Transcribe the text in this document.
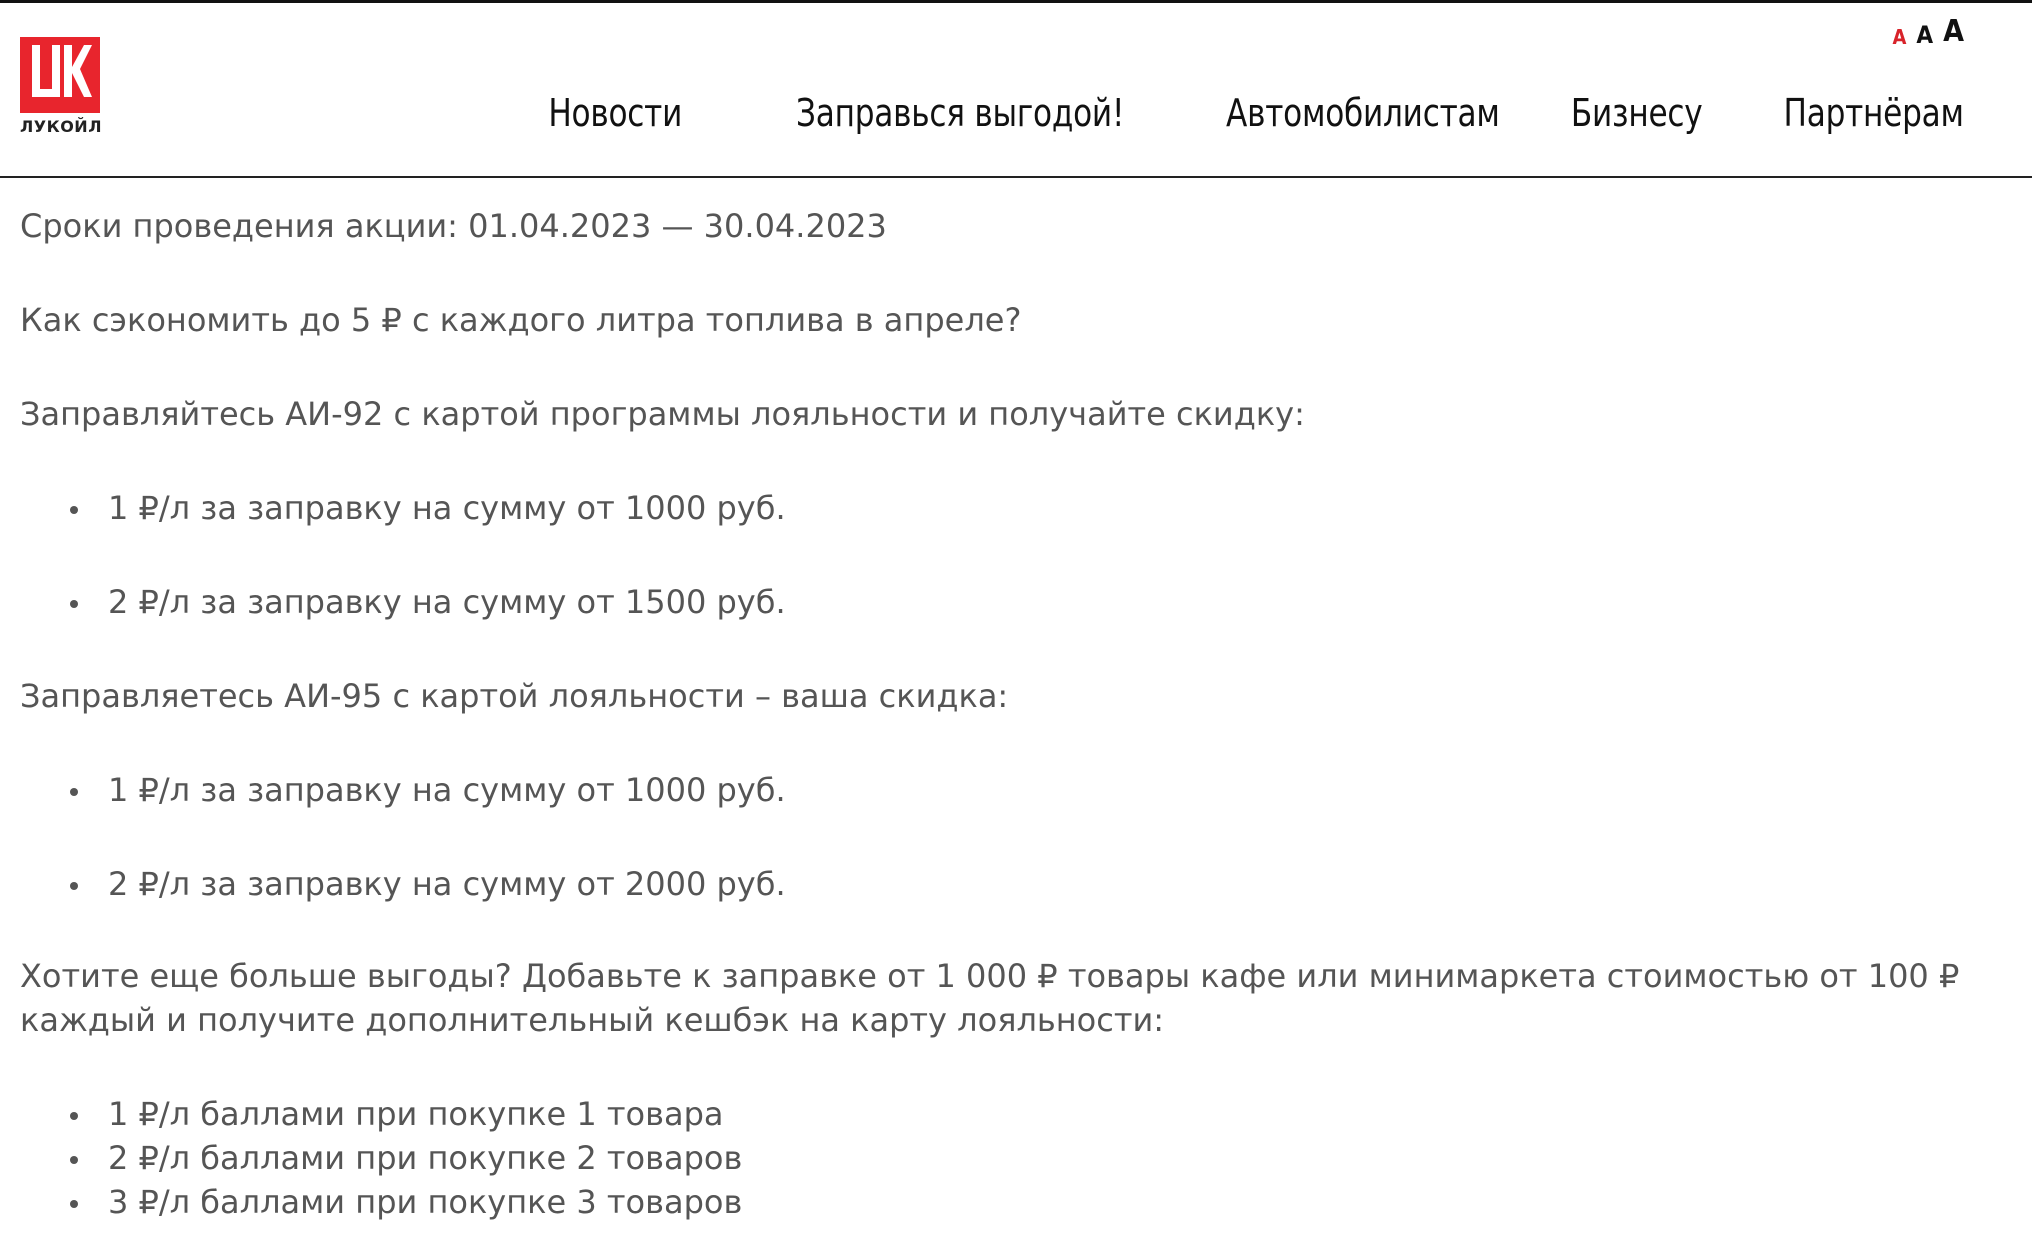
ЛУКОЙЛ
A A A
Новости	Заправься выгодой!	Автомобилистам Бизнесу Партнёрам

Сроки проведения акции: 01.04.2023 — 30.04.2023

Как сэкономить до 5 ₽ с каждого литра топлива в апреле?

Заправляйтесь АИ-92 с картой программы лояльности и получайте скидку:

1 ₽/л за заправку на сумму от 1000 руб.
2 ₽/л за заправку на сумму от 1500 руб.

Заправляетесь АИ-95 с картой лояльности – ваша скидка:

1 ₽/л за заправку на сумму от 1000 руб.
2 ₽/л за заправку на сумму от 2000 руб.

Хотите еще больше выгоды? Добавьте к заправке от 1 000 ₽ товары кафе или минимаркета стоимостью от 100 ₽ каждый и получите дополнительный кешбэк на карту лояльности:

1 ₽/л баллами при покупке 1 товара
2 ₽/л баллами при покупке 2 товаров
3 ₽/л баллами при покупке 3 товаров
